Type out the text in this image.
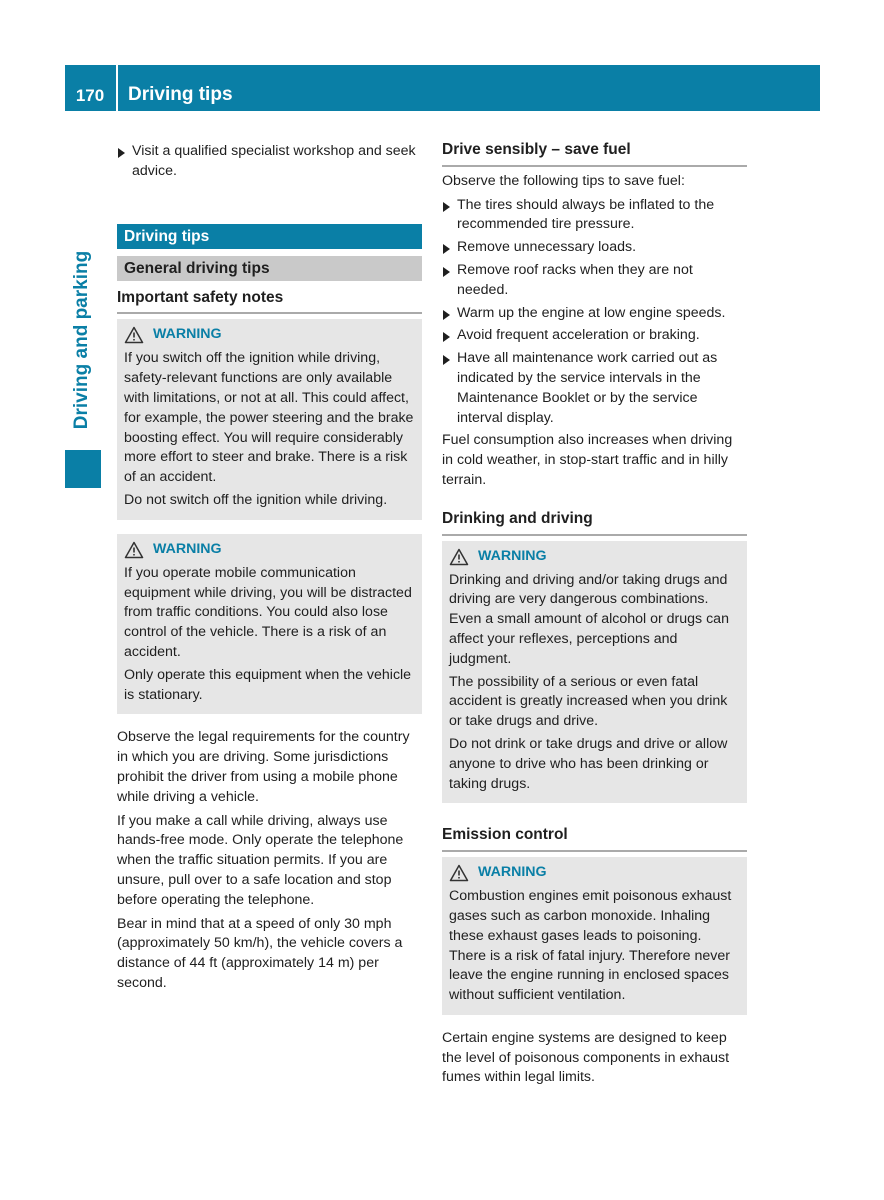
170	Driving tips
Driving and parking
Visit a qualified specialist workshop and seek advice.
Driving tips
General driving tips
Important safety notes
WARNING

If you switch off the ignition while driving, safety-relevant functions are only available with limitations, or not at all. This could affect, for example, the power steering and the brake boosting effect. You will require considerably more effort to steer and brake. There is a risk of an accident.

Do not switch off the ignition while driving.

WARNING

If you operate mobile communication equipment while driving, you will be distracted from traffic conditions. You could also lose control of the vehicle. There is a risk of an accident.

Only operate this equipment when the vehicle is stationary.

Observe the legal requirements for the country in which you are driving. Some jurisdictions prohibit the driver from using a mobile phone while driving a vehicle.

If you make a call while driving, always use hands-free mode. Only operate the telephone when the traffic situation permits. If you are unsure, pull over to a safe location and stop before operating the telephone.

Bear in mind that at a speed of only 30 mph (approximately 50 km/h), the vehicle covers a distance of 44 ft (approximately 14 m) per second.

Drive sensibly – save fuel

Observe the following tips to save fuel:

The tires should always be inflated to the recommended tire pressure.
Remove unnecessary loads.
Remove roof racks when they are not needed.
Warm up the engine at low engine speeds.
Avoid frequent acceleration or braking.
Have all maintenance work carried out as indicated by the service intervals in the Maintenance Booklet or by the service interval display.

Fuel consumption also increases when driving in cold weather, in stop-start traffic and in hilly terrain.

Drinking and driving
WARNING

Drinking and driving and/or taking drugs and driving are very dangerous combinations. Even a small amount of alcohol or drugs can affect your reflexes, perceptions and judgment.

The possibility of a serious or even fatal accident is greatly increased when you drink or take drugs and drive.

Do not drink or take drugs and drive or allow anyone to drive who has been drinking or taking drugs.

Emission control
WARNING

Combustion engines emit poisonous exhaust gases such as carbon monoxide. Inhaling these exhaust gases leads to poisoning. There is a risk of fatal injury. Therefore never leave the engine running in enclosed spaces without sufficient ventilation.

Certain engine systems are designed to keep the level of poisonous components in exhaust fumes within legal limits.
